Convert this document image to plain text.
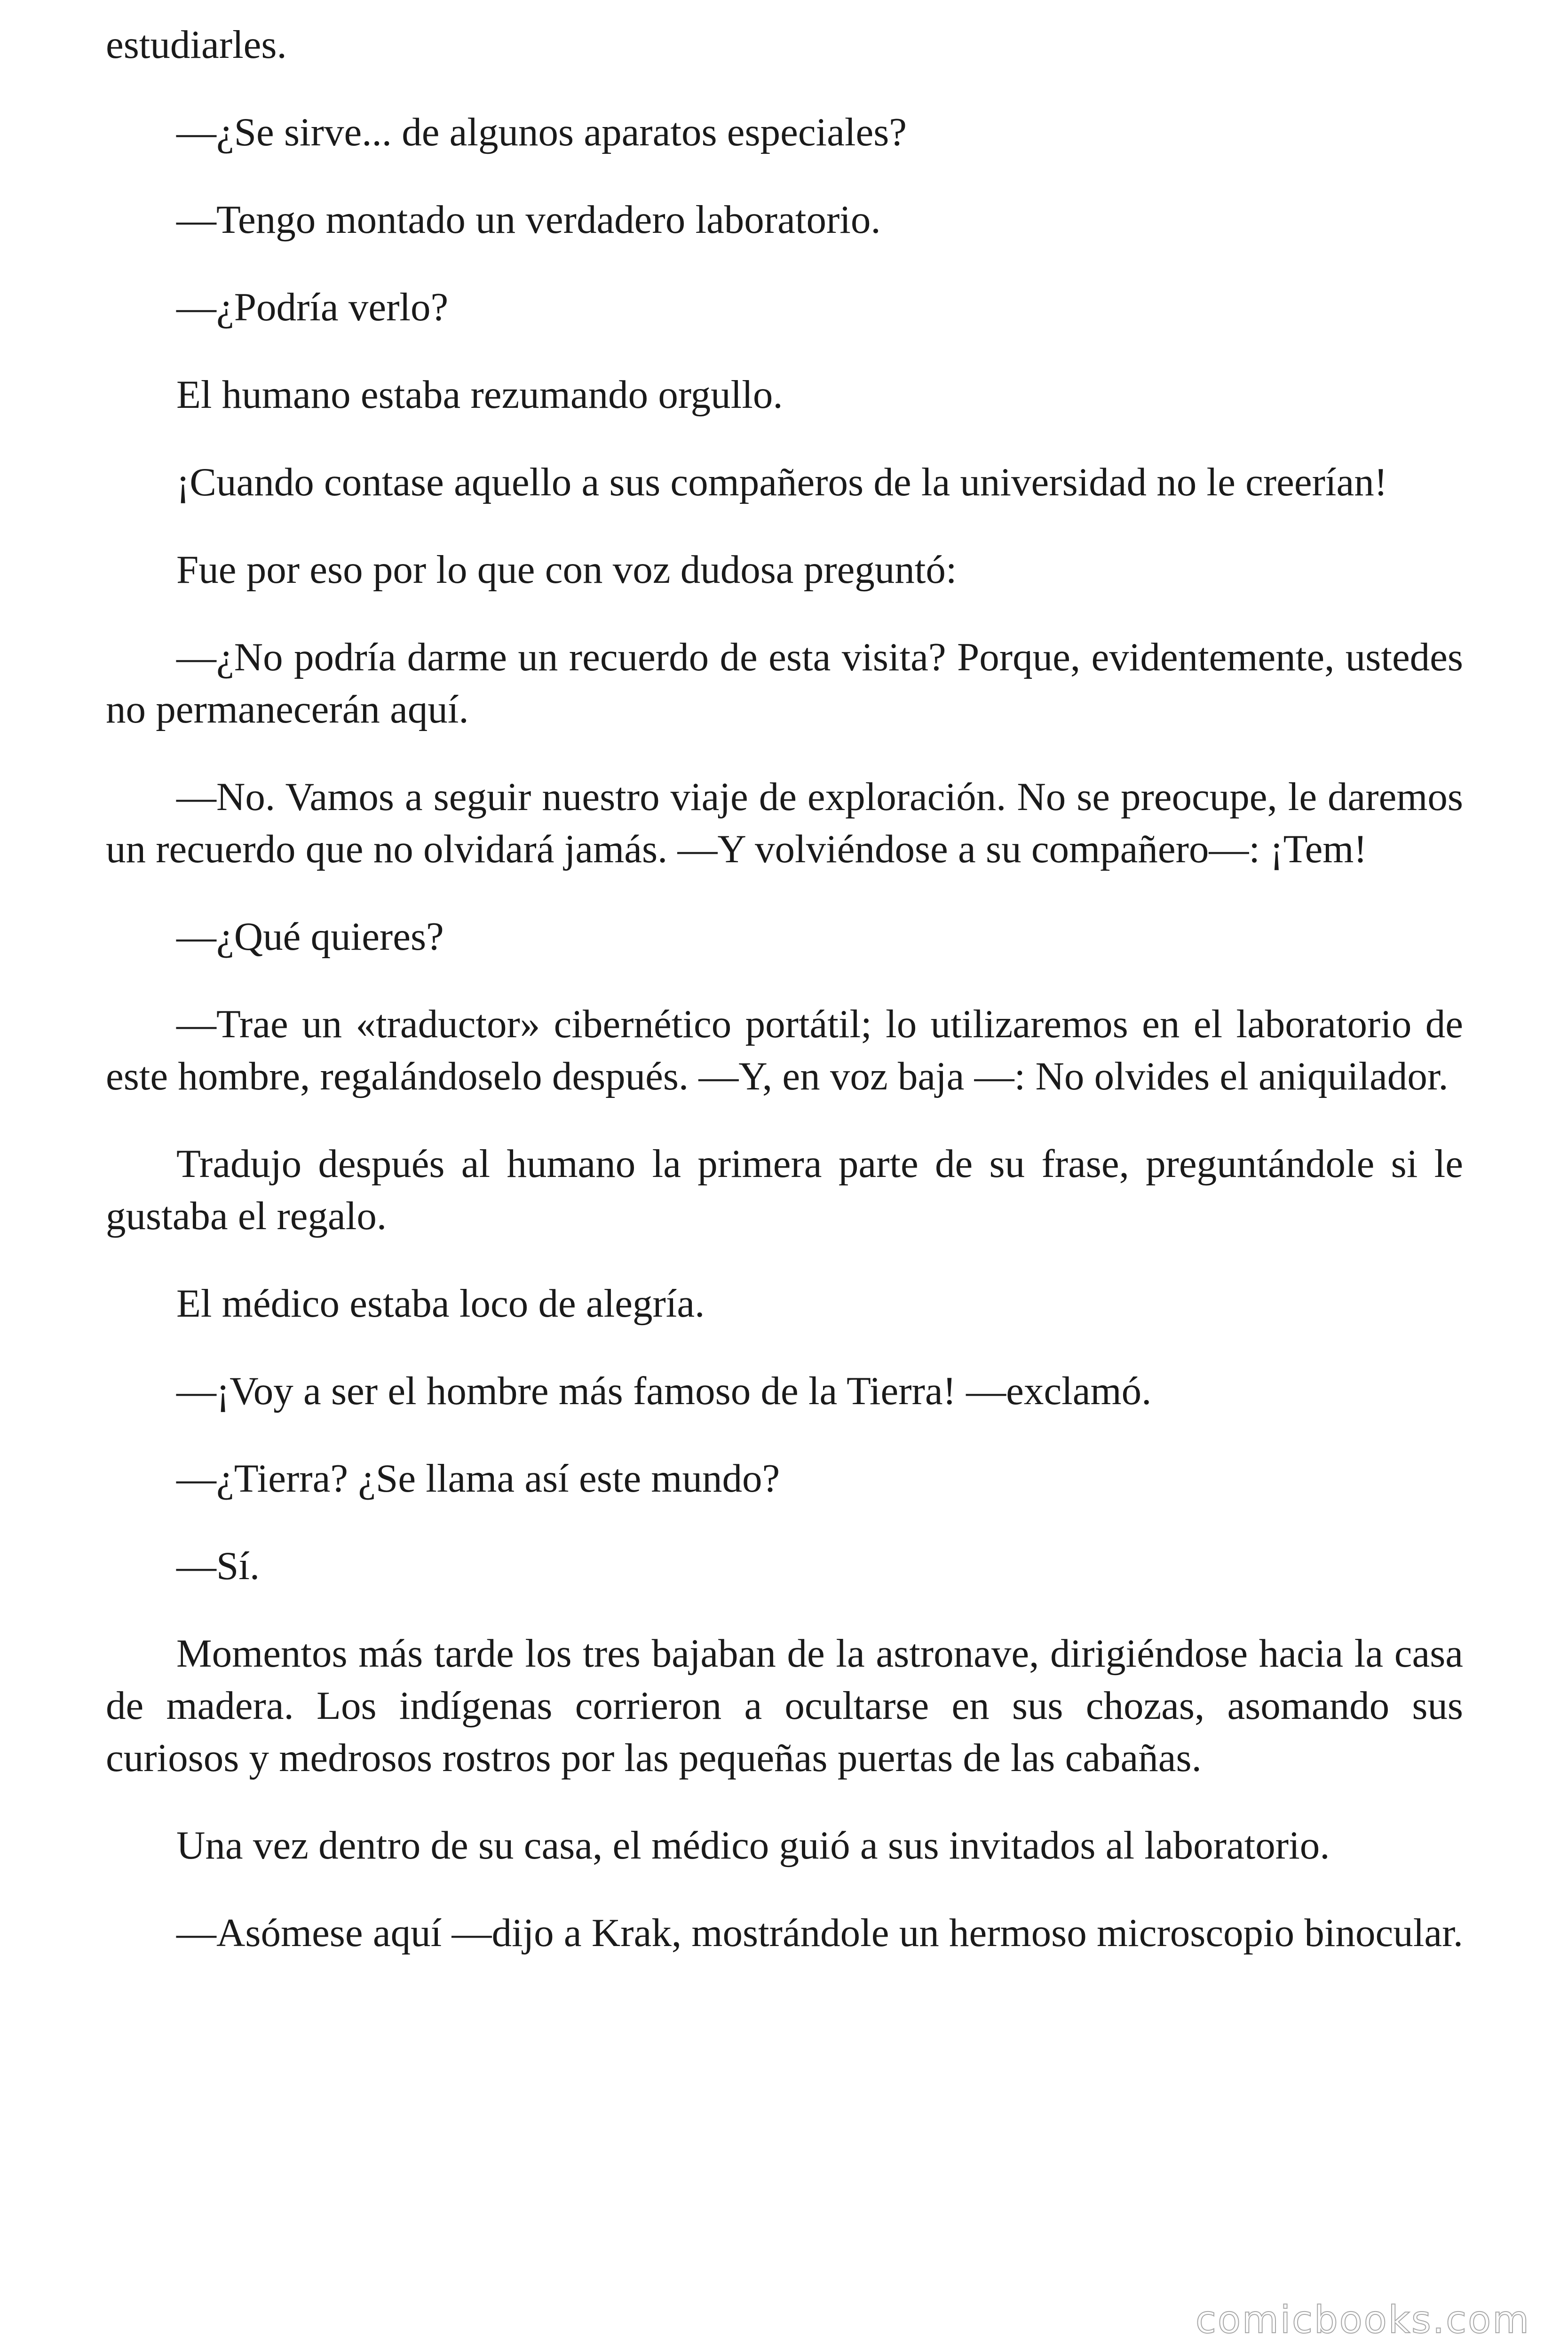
estudiarles.

—¿Se sirve... de algunos aparatos especiales?

—Tengo montado un verdadero laboratorio.

—¿Podría verlo?

El humano estaba rezumando orgullo.

¡Cuando contase aquello a sus compañeros de la universidad no le creerían!

Fue por eso por lo que con voz dudosa preguntó:

—¿No podría darme un recuerdo de esta visita? Porque, evidentemente, ustedes no permanecerán aquí.

—No. Vamos a seguir nuestro viaje de exploración. No se preocupe, le daremos un recuerdo que no olvidará jamás. —Y volviéndose a su compañero—: ¡Tem!

—¿Qué quieres?

—Trae un «traductor» cibernético portátil; lo utilizaremos en el laboratorio de este hombre, regalándoselo después. —Y, en voz baja —: No olvides el aniquilador.

Tradujo después al humano la primera parte de su frase, preguntándole si le gustaba el regalo.

El médico estaba loco de alegría.

—¡Voy a ser el hombre más famoso de la Tierra! —exclamó.

—¿Tierra? ¿Se llama así este mundo?

—Sí.

Momentos más tarde los tres bajaban de la astronave, dirigiéndose hacia la casa de madera. Los indígenas corrieron a ocultarse en sus chozas, asomando sus curiosos y medrosos rostros por las pequeñas puertas de las cabañas.

Una vez dentro de su casa, el médico guió a sus invitados al laboratorio.

—Asómese aquí —dijo a Krak, mostrándole un hermoso microscopio binocular.

comicbooks.com
